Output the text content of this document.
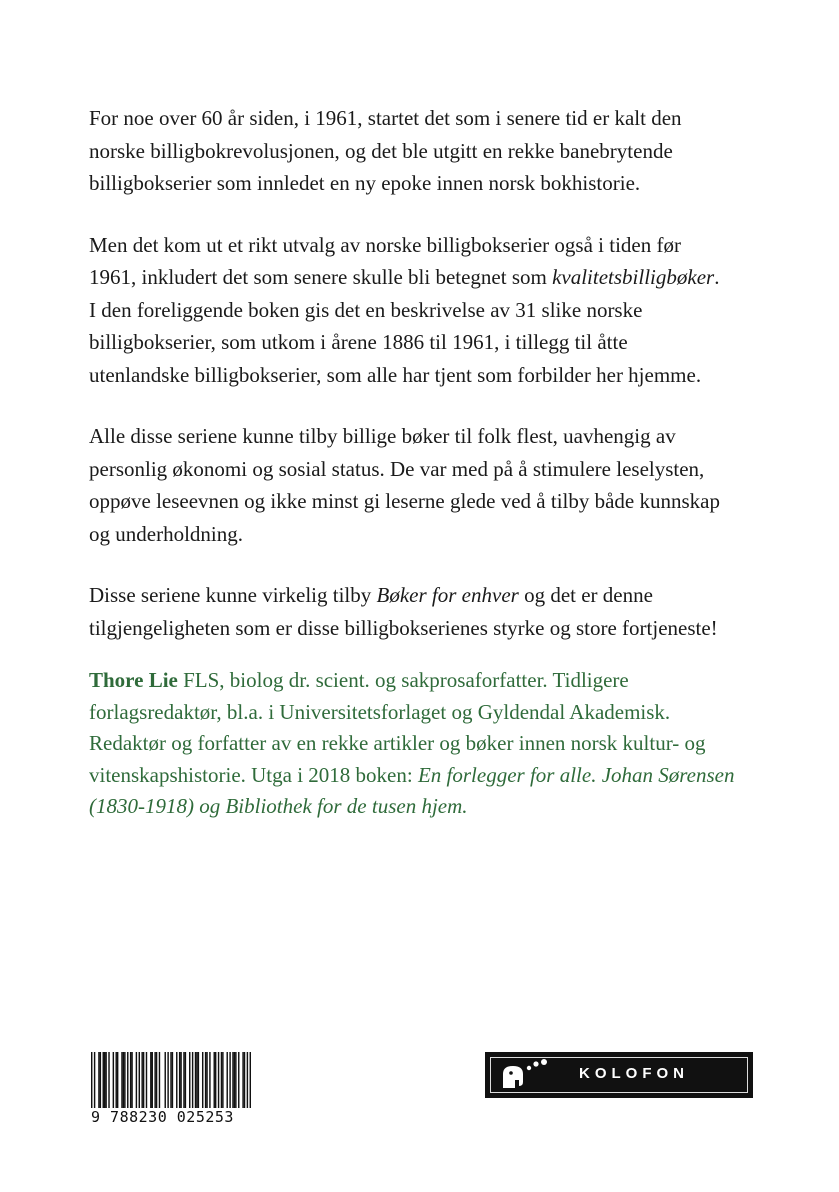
For noe over 60 år siden, i 1961, startet det som i senere tid er kalt den
norske billigbokrevolusjonen, og det ble utgitt en rekke banebrytende
billigbokserier som innledet en ny epoke innen norsk bokhistorie.

Men det kom ut et rikt utvalg av norske billigbokserier også i tiden før
1961, inkludert det som senere skulle bli betegnet som kvalitetsbilligbøker.
I den foreliggende boken gis det en beskrivelse av 31 slike norske
billigbokserier, som utkom i årene 1886 til 1961, i tillegg til åtte
utenlandske billigbokserier, som alle har tjent som forbilder her hjemme.

Alle disse seriene kunne tilby billige bøker til folk flest, uavhengig av
personlig økonomi og sosial status. De var med på å stimulere leselysten,
oppøve leseevnen og ikke minst gi leserne glede ved å tilby både kunnskap
og underholdning.

Disse seriene kunne virkelig tilby Bøker for enhver og det er denne
tilgjengeligheten som er disse billigbokserienes styrke og store fortjeneste!

Thore Lie FLS, biolog dr. scient. og sakprosaforfatter. Tidligere
forlagsredaktør, bl.a. i Universitetsforlaget og Gyldendal Akademisk.
Redaktør og forfatter av en rekke artikler og bøker innen norsk kultur- og
vitenskapshistorie. Utga i 2018 boken: En forlegger for alle. Johan Sørensen
(1830-1918) og Bibliothek for de tusen hjem.
9 788230 025253
KOLOFON
